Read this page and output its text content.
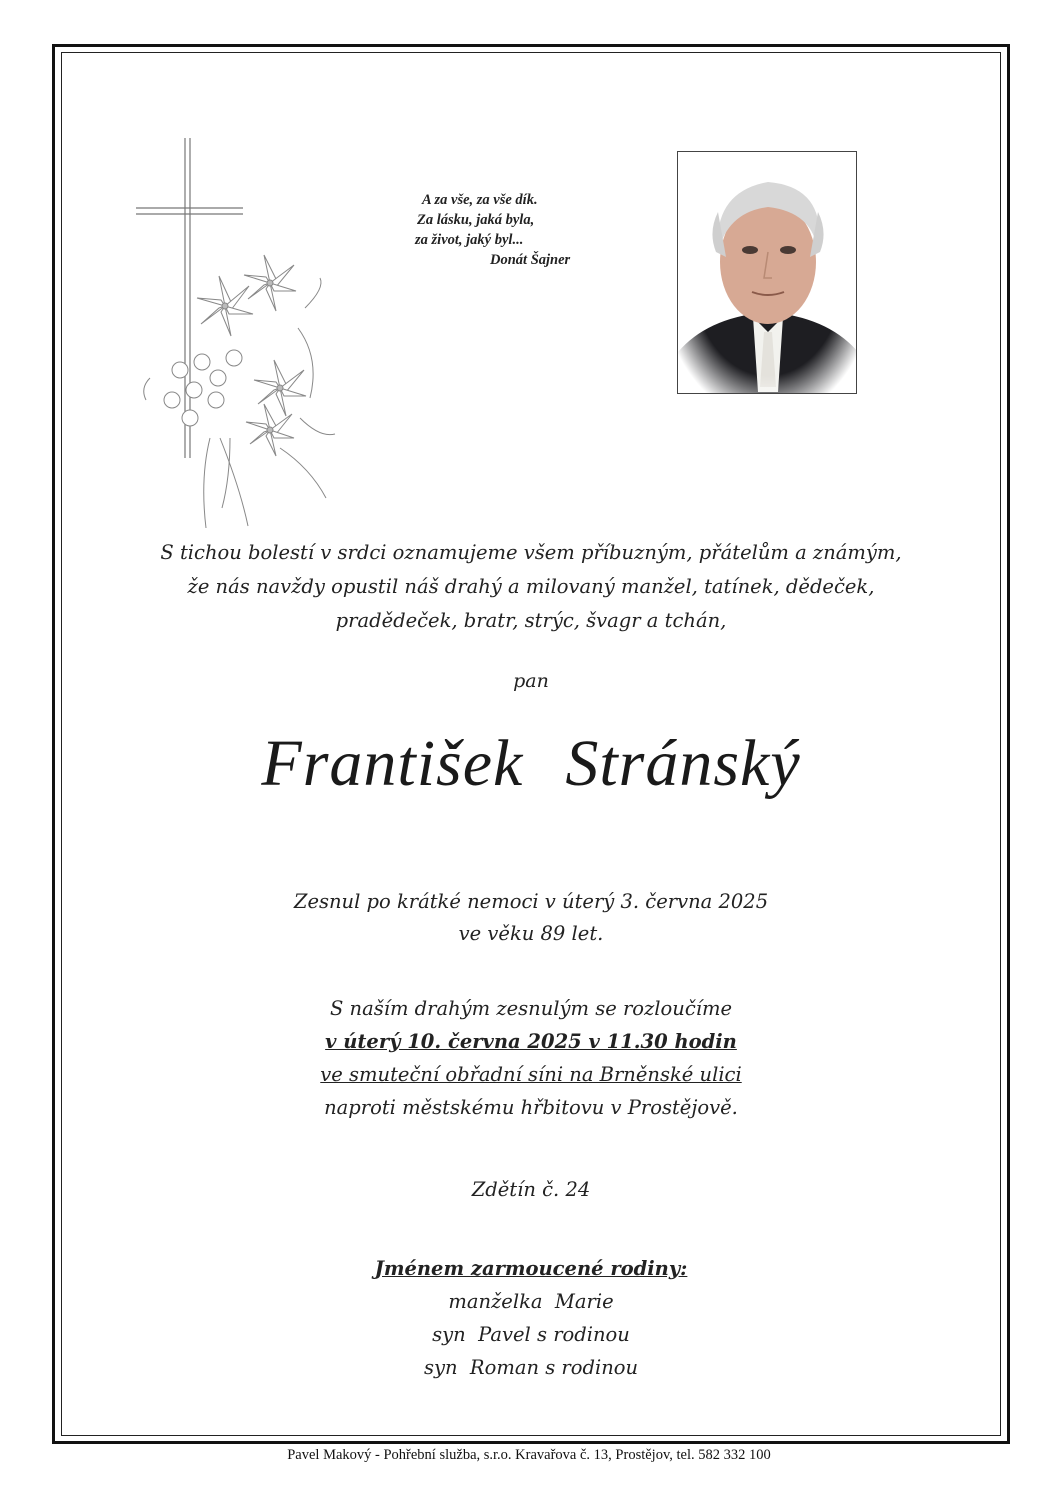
A za vše, za vše dík.
Za lásku, jaká byla,
za život, jaký byl...
Donát Šajner
S tichou bolestí v srdci oznamujeme všem příbuzným, přátelům a známým,
že nás navždy opustil náš drahý a milovaný manžel, tatínek, dědeček,
pradědeček, bratr, strýc, švagr a tchán,
pan
František Stránský
Zesnul po krátké nemoci v úterý 3. června 2025
ve věku 89 let.
S naším drahým zesnulým se rozloučíme
v úterý 10. června 2025 v 11.30 hodin
ve smuteční obřadní síni na Brněnské ulici
naproti městskému hřbitovu v Prostějově.
Zdětín č. 24
Jménem zarmoucené rodiny:
manželka  Marie
syn  Pavel s rodinou
syn  Roman s rodinou
Pavel Makový - Pohřební služba, s.r.o. Kravařova č. 13, Prostějov, tel. 582 332 100
